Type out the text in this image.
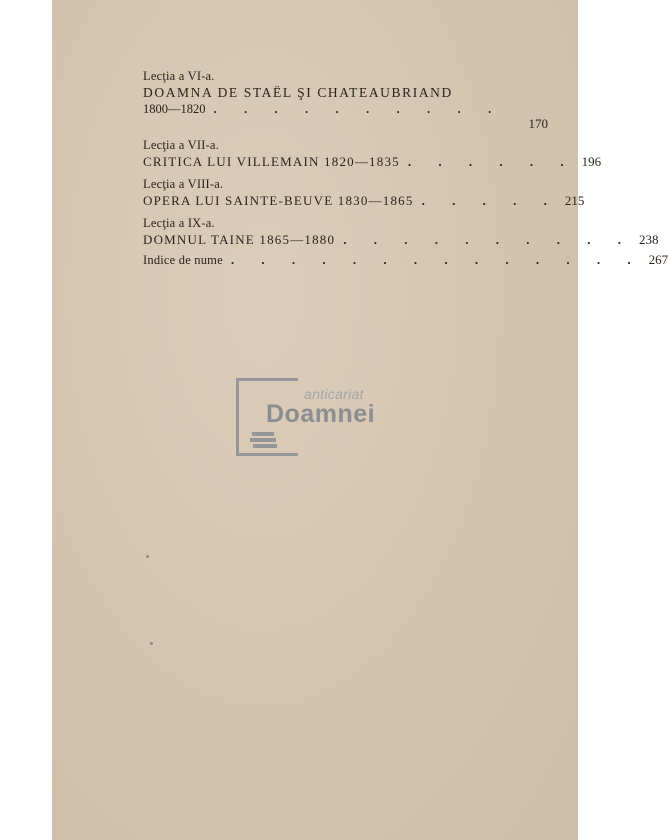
Lecţia a VI-a.
DOAMNA DE STAËL ŞI CHATEAUBRIAND
1800—1820 . . . . . . . . . .
170
Lecţia a VII-a.
CRITICA LUI VILLEMAIN 1820—1835 . . . . . . 196
Lecţia a VIII-a.
OPERA LUI SAINTE-BEUVE 1830—1865 . . . . . 215
Lecţia a IX-a.
DOMNUL TAINE 1865—1880 . . . . . . . . . . 238
Indice de nume . . . . . . . . . . . . . . 267
anticariat
Doamnei
